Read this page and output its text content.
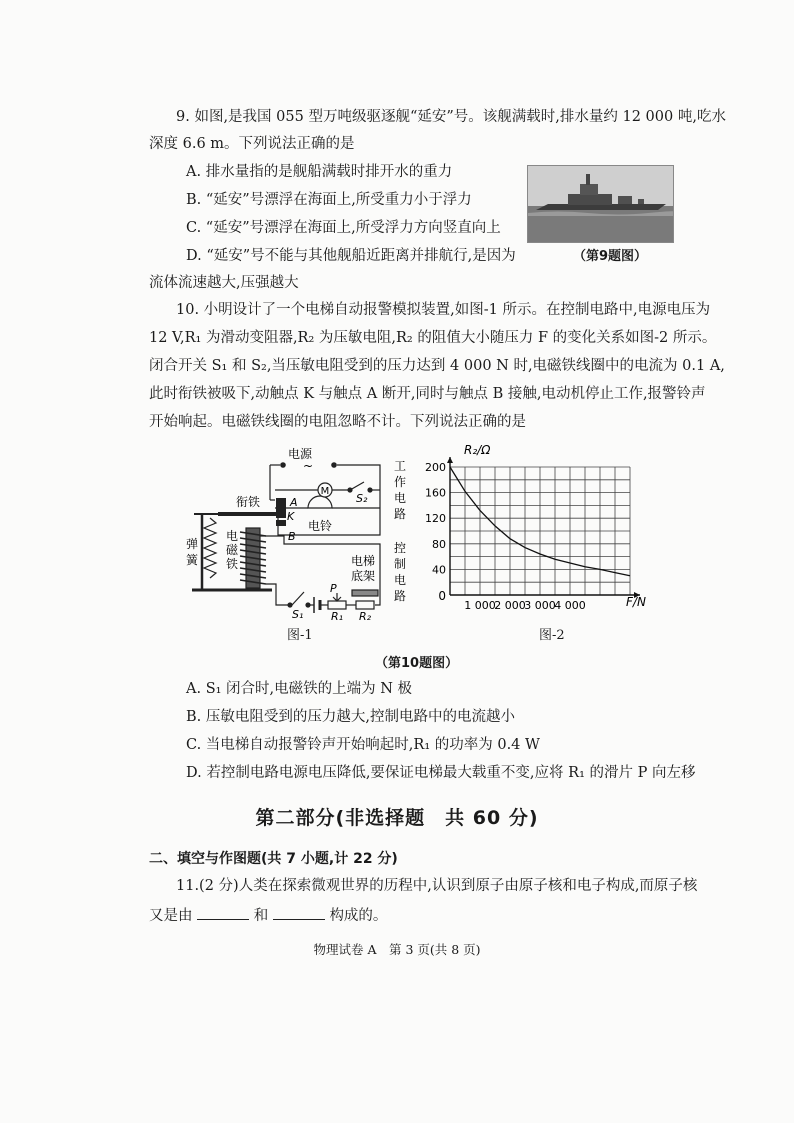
9. 如图,是我国 055 型万吨级驱逐舰“延安”号。该舰满载时,排水量约 12 000 吨,吃水
深度 6.6 m。下列说法正确的是
A. 排水量指的是舰船满载时排开水的重力
B. “延安”号漂浮在海面上,所受重力小于浮力
C. “延安”号漂浮在海面上,所受浮力方向竖直向上
D. “延安”号不能与其他舰船近距离并排航行,是因为
流体流速越大,压强越大
（第9题图）
10. 小明设计了一个电梯自动报警模拟装置,如图-1 所示。在控制电路中,电源电压为
12 V,R₁ 为滑动变阻器,R₂ 为压敏电阻,R₂ 的阻值大小随压力 F 的变化关系如图-2 所示。
闭合开关 S₁ 和 S₂,当压敏电阻受到的压力达到 4 000 N 时,电磁铁线圈中的电流为 0.1 A,
此时衔铁被吸下,动触点 K 与触点 A 断开,同时与触点 B 接触,电动机停止工作,报警铃声
开始响起。电磁铁线圈的电阻忽略不计。下列说法正确的是
M
电源
~	工
作
电
路
控
制
电
路
衔铁
弹
簧
电
磁
铁
电铃
电梯
底架
A
K
B
P
S₁
S₂
R₁ R₂
图-1
40
80
120
160
200
1 000
2 000
3 000
4 000
R₂/Ω
F/N
0
图-2
（第10题图）
A. S₁ 闭合时,电磁铁的上端为 N 极
B. 压敏电阻受到的压力越大,控制电路中的电流越小
C. 当电梯自动报警铃声开始响起时,R₁ 的功率为 0.4 W
D. 若控制电路电源电压降低,要保证电梯最大载重不变,应将 R₁ 的滑片 P 向左移
第二部分(非选择题　共 60 分)
二、填空与作图题(共 7 小题,计 22 分)
11.(2 分)人类在探索微观世界的历程中,认识到原子由原子核和电子构成,而原子核
又是由	和	构成的。
物理试卷 A　第 3 页(共 8 页)
